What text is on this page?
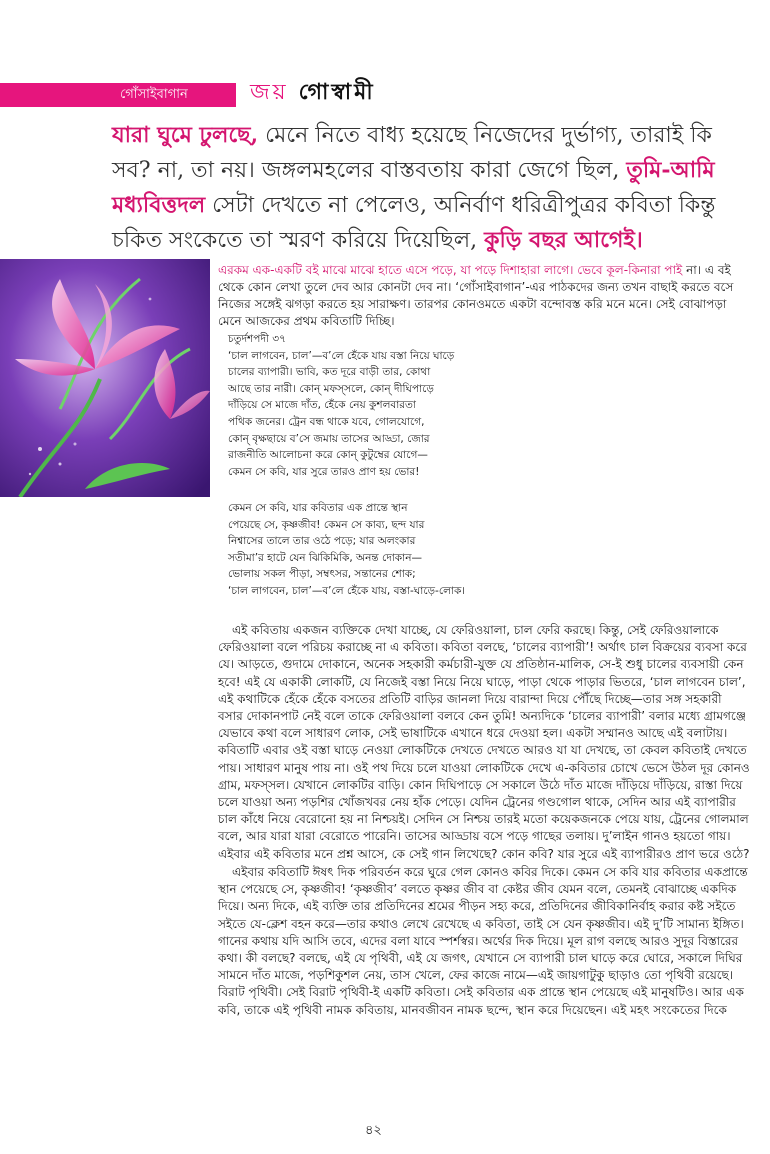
গোঁসাইবাগান	জয় গোস্বামী

যারা ঘুমে ঢুলছে, মেনে নিতে বাধ্য হয়েছে নিজেদের দুর্ভাগ্য, তারাই কি সব? না, তা নয়। জঙ্গলমহলের বাস্তবতায় কারা জেগে ছিল, তুমি-আমি মধ্যবিত্তদল সেটা দেখতে না পেলেও, অনির্বাণ ধরিত্রীপুত্রর কবিতা কিন্তু চকিত সংকেতে তা স্মরণ করিয়ে দিয়েছিল, কুড়ি বছর আগেই।

এরকম এক-একটি বই মাঝে মাঝে হাতে এসে পড়ে, যা পড়ে দিশাহারা লাগে। ভেবে কূল-কিনারা পাই না। এ বই থেকে কোন লেখা তুলে দেব আর কোনটা দেব না। ‘গোঁসাইবাগান’-এর পাঠকদের জন্য তখন বাছাই করতে বসে নিজের সঙ্গেই ঝগড়া করতে হয় সারাক্ষণ। তারপর কোনওমতে একটা বন্দোবস্ত করি মনে মনে। সেই বোঝাপড়া মেনে আজকের প্রথম কবিতাটি দিচ্ছি।

চতুর্দশপদী ৩৭
‘চাল লাগবেন, চাল’—ব’লে হেঁকে যায় বস্তা নিয়ে ঘাড়ে
চালের ব্যাপারী। ভাবি, কত দূরে বাড়ী তার, কোথা
আছে তার নারী। কোন্‌ মফস্সলে, কোন্‌ দীঘিপাড়ে
দাঁড়িয়ে সে মাজে দাঁত, হেঁকে নেয় কুশলবারতা
পথিক জনের। ট্রেন বন্ধ থাকে যবে, গোলযোগে,
কোন্‌ বৃক্ষছায়ে ব’সে জমায় তাসের আড্ডা, জোর
রাজনীতি আলোচনা করে কোন্‌ কুটুম্বের যোগে—
কেমন সে কবি, যার সুরে তারও প্রাণ হয় ভোর!
কেমন সে কবি, যার কবিতার এক প্রান্তে স্থান
পেয়েছে সে, কৃষ্ণজীব! কেমন সে কাব্য, ছন্দ যার
নিশ্বাসের তালে তার ওঠে পড়ে; যার অলংকার
সতীমা’র হাটে যেন ঝিকিমিকি, অনন্ত দোকান—
ভোলায় সকল পীড়া, সম্বৎসর, সন্তানের শোক;
‘চাল লাগবেন, চাল’—ব’লে হেঁকে যায়, বস্তা-ঘাড়ে-লোক।

এই কবিতায় একজন ব্যক্তিকে দেখা যাচ্ছে, যে ফেরিওয়ালা, চাল ফেরি করছে। কিন্তু, সেই ফেরিওয়ালাকে ফেরিওয়ালা বলে পরিচয় করাচ্ছে না এ কবিতা। কবিতা বলছে, ‘চালের ব্যাপারী’! অর্থাৎ চাল বিক্রয়ের ব্যবসা করে যে। আড়তে, গুদামে দোকানে, অনেক সহকারী কর্মচারী-যুক্ত যে প্রতিষ্ঠান-মালিক, সে-ই শুধু চালের ব্যবসায়ী কেন হবে! এই যে একাকী লোকটি, যে নিজেই বস্তা নিয়ে নিয়ে ঘাড়ে, পাড়া থেকে পাড়ার ভিতরে, ‘চাল লাগবেন চাল’, এই কথাটিকে হেঁকে হেঁকে বসতের প্রতিটি বাড়ির জানলা দিয়ে বারান্দা দিয়ে পৌঁছে দিচ্ছে—তার সঙ্গ সহকারী বসার দোকানপাট নেই বলে তাকে ফেরিওয়ালা বলবে কেন তুমি! অন্যদিকে ‘চালের ব্যাপারী’ বলার মধ্যে গ্রামগঞ্জে যেভাবে কথা বলে সাধারণ লোক, সেই ভাষাটিকে এখানে ধরে দেওয়া হল। একটা সম্মানও আছে এই বলাটায়। কবিতাটি এবার ওই বস্তা ঘাড়ে নেওয়া লোকটিকে দেখতে দেখতে আরও যা যা দেখছে, তা কেবল কবিতাই দেখতে পায়। সাধারণ মানুষ পায় না। ওই পথ দিয়ে চলে যাওয়া লোকটিকে দেখে এ-কবিতার চোখে ভেসে উঠল দূর কোনও গ্রাম, মফস্সল। যেখানে লোকটির বাড়ি। কোন দিঘিপাড়ে সে সকালে উঠে দাঁত মাজে দাঁড়িয়ে দাঁড়িয়ে, রাস্তা দিয়ে চলে যাওয়া অন্য পড়শির খোঁজখবর নেয় হাঁক পেড়ে। যেদিন ট্রেনের গণ্ডগোল থাকে, সেদিন আর এই ব্যাপারীর চাল কাঁধে নিয়ে বেরোনো হয় না নিশ্চয়ই। সেদিন সে নিশ্চয় তারই মতো কয়েকজনকে পেয়ে যায়, ট্রেনের গোলমাল বলে, আর যারা যারা বেরোতে পারেনি। তাসের আড্ডায় বসে পড়ে গাছের তলায়। দু’লাইন গানও হয়তো গায়। এইবার এই কবিতার মনে প্রশ্ন আসে, কে সেই গান লিখেছে? কোন কবি? যার সুরে এই ব্যাপারীরও প্রাণ ভরে ওঠে?

এইবার কবিতাটি ঈষৎ দিক পরিবর্তন করে ঘুরে গেল কোনও কবির দিকে। কেমন সে কবি যার কবিতার একপ্রান্তে স্থান পেয়েছে সে, কৃষ্ণজীব! ‘কৃষ্ণজীব’ বলতে কৃষ্ণর জীব বা কেষ্টর জীব যেমন বলে, তেমনই বোঝাচ্ছে একদিক দিয়ে। অন্য দিকে, এই ব্যক্তি তার প্রতিদিনের শ্রমের পীড়ন সহ্য করে, প্রতিদিনের জীবিকানির্বাহ করার কষ্ট সইতে সইতে যে-ক্লেশ বহন করে—তার কথাও লেখে রেখেছে এ কবিতা, তাই সে যেন কৃষ্ণজীব। এই দু’টি সামান্য ইঙ্গিত। গানের কথায় যদি আসি তবে, এদের বলা যাবে স্পর্শস্বর। অর্থের দিক দিয়ে। মূল রাগ বলছে আরও সুদূর বিস্তারের কথা। কী বলছে? বলছে, এই যে পৃথিবী, এই যে জগৎ, যেখানে সে ব্যাপারী চাল ঘাড়ে করে ঘোরে, সকালে দিঘির সামনে দাঁত মাজে, পড়শিকুশল নেয়, তাস খেলে, ফের কাজে নামে—এই জায়গাটুকু ছাড়াও তো পৃথিবী রয়েছে। বিরাট পৃথিবী। সেই বিরাট পৃথিবী-ই একটি কবিতা। সেই কবিতার এক প্রান্তে স্থান পেয়েছে এই মানুষটিও। আর এক কবি, তাকে এই পৃথিবী নামক কবিতায়, মানবজীবন নামক ছন্দে, স্থান করে দিয়েছেন। এই মহৎ সংকেতের দিকে

৪২
